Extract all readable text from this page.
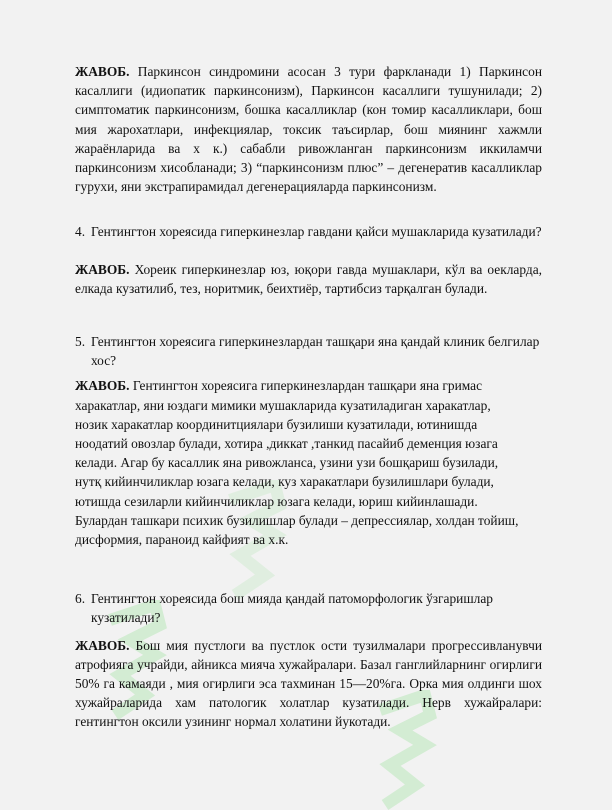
ЖАВОБ. Паркинсон синдромини асосан 3 тури фаркланади 1) Паркинсон касаллиги (идиопатик паркинсонизм), Паркинсон касаллиги тушунилади; 2) симптоматик паркинсонизм, бошка касалликлар (кон томир касалликлари, бош мия жарохатлари, инфекциялар, токсик таъсирлар, бош миянинг хажмли жараёнларида ва х к.) сабабли ривожланган паркинсонизм иккиламчи паркинсонизм хисобланади; 3) “паркинсонизм плюс” – дегенератив касалликлар гурухи, яни экстрапирамидал дегенерацияларда паркинсонизм.

4. Гентингтон хореясида гиперкинезлар гавдани қайси мушакларида кузатилади?

ЖАВОБ. Хореик гиперкинезлар юз, юқори гавда мушаклари, кўл ва оекларда, елкада кузатилиб, тез, норитмик, беихтиёр, тартибсиз тарқалган булади.

5. Гентингтон хореясига гиперкинезлардан ташқари яна қандай клиник белгилар хос?

ЖАВОБ. Гентингтон хореясига гиперкинезлардан ташқари яна гримас

харакатлар, яни юздаги мимики мушакларида кузатиладиган харакатлар,

нозик харакатлар координитциялари бузилиши кузатилади, ютинишда

ноодатий овозлар булади, хотира ,диккат ,танкид пасайиб деменция юзага

келади. Агар бу касаллик яна ривожланса, узини узи бошқариш бузилади,

нутқ кийинчиликлар юзага келади, куз харакатлари бузилишлари булади,

ютишда сезиларли кийинчиликлар юзага келади, юриш кийинлашади.

Булардан ташкари психик бузилишлар булади – депрессиялар, холдан тойиш,

дисформия, параноид кайфият ва х.к.

6. Гентингтон хореясида бош мияда қандай патоморфологик ўзгаришлар кузатилади?

ЖАВОБ. Бош мия пустлоги ва пустлок ости тузилмалари прогрессивланувчи атрофияга учрайди, айникса мияча хужайралари. Базал ганглийларнинг огирлиги 50% га камаяди , мия огирлиги эса тахминан 15—20%га. Орка мия олдинги шох хужайраларида хам патологик холатлар кузатилади. Нерв хужайралари: гентингтон оксили узининг нормал холатини йукотади.
